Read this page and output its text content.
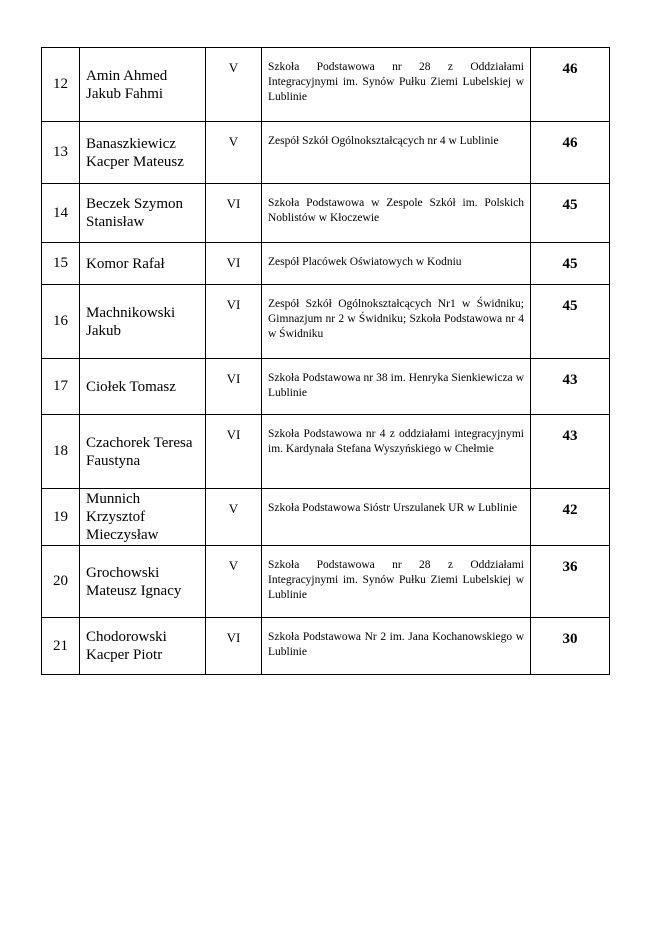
12	Amin Ahmed Jakub Fahmi	V	Szkoła Podstawowa nr 28 z Oddziałami Integracyjnymi im. Synów Pułku Ziemi Lubelskiej w Lublinie	46
13	Banaszkiewicz Kacper Mateusz	V	Zespół Szkół Ogólnokształcących nr 4 w Lublinie	46
14	Beczek Szymon Stanisław	VI	Szkoła Podstawowa w Zespole Szkół im. Polskich Noblistów w Kłoczewie	45
15	Komor Rafał	VI	Zespół Placówek Oświatowych w Kodniu	45
16	Machnikowski Jakub	VI	Zespół Szkół Ogólnokształcących Nr1 w Świdniku; Gimnazjum nr 2 w Świdniku; Szkoła Podstawowa nr 4 w Świdniku	45
17	Ciołek Tomasz	VI	Szkoła Podstawowa nr 38 im. Henryka Sienkiewicza w Lublinie	43
18	Czachorek Teresa Faustyna	VI	Szkoła Podstawowa nr 4 z oddziałami integracyjnymi im. Kardynała Stefana Wyszyńskiego w Chełmie	43
19	Munnich Krzysztof Mieczysław	V	Szkoła Podstawowa Sióstr Urszulanek UR w Lublinie	42
20	Grochowski Mateusz Ignacy	V	Szkoła Podstawowa nr 28 z Oddziałami Integracyjnymi im. Synów Pułku Ziemi Lubelskiej w Lublinie	36
21	Chodorowski Kacper Piotr	VI	Szkoła Podstawowa Nr 2 im. Jana Kochanowskiego w Lublinie	30
